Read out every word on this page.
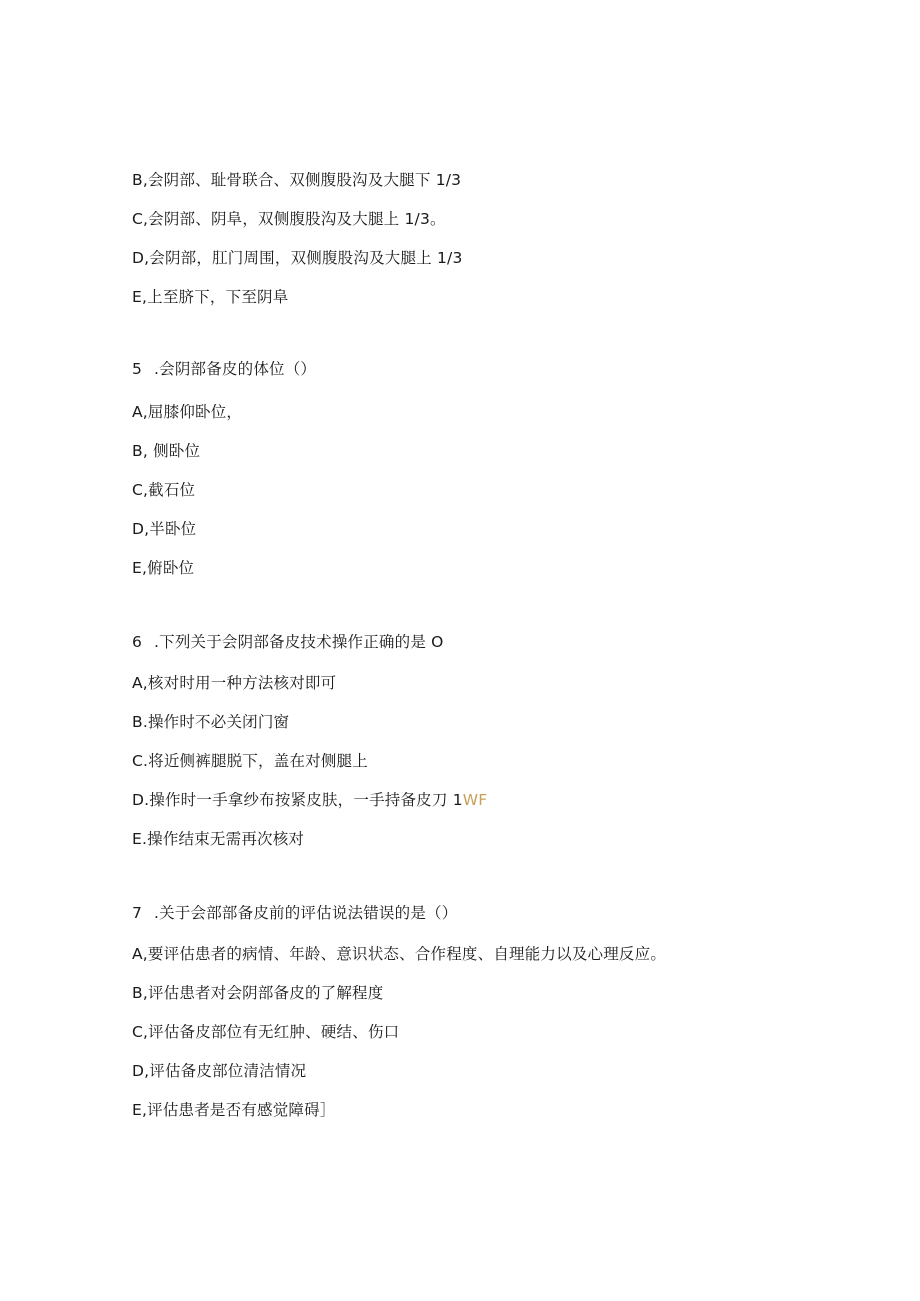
B,会阴部、耻骨联合、双侧腹股沟及大腿下 1/3
C,会阴部、阴阜，双侧腹股沟及大腿上 1/3。
D,会阴部，肛门周围，双侧腹股沟及大腿上 1/3
E,上至脐下，下至阴阜
5 .会阴部备皮的体位（）
A,屈膝仰卧位，
B, 侧卧位
C,截石位
D,半卧位
E,俯卧位
6 .下列关于会阴部备皮技术操作正确的是 O
A,核对时用一种方法核对即可
B.操作时不必关闭门窗
C.将近侧裤腿脱下，盖在对侧腿上
D.操作时一手拿纱布按紧皮肤，一手持备皮刀 1WF
E.操作结束无需再次核对
7 .关于会部部备皮前的评估说法错误的是（）
A,要评估患者的病情、年龄、意识状态、合作程度、自理能力以及心理反应。
B,评估患者对会阴部备皮的了解程度
C,评估备皮部位有无红肿、硬结、伤口
D,评估备皮部位清洁情况
E,评估患者是否有感觉障碍］
